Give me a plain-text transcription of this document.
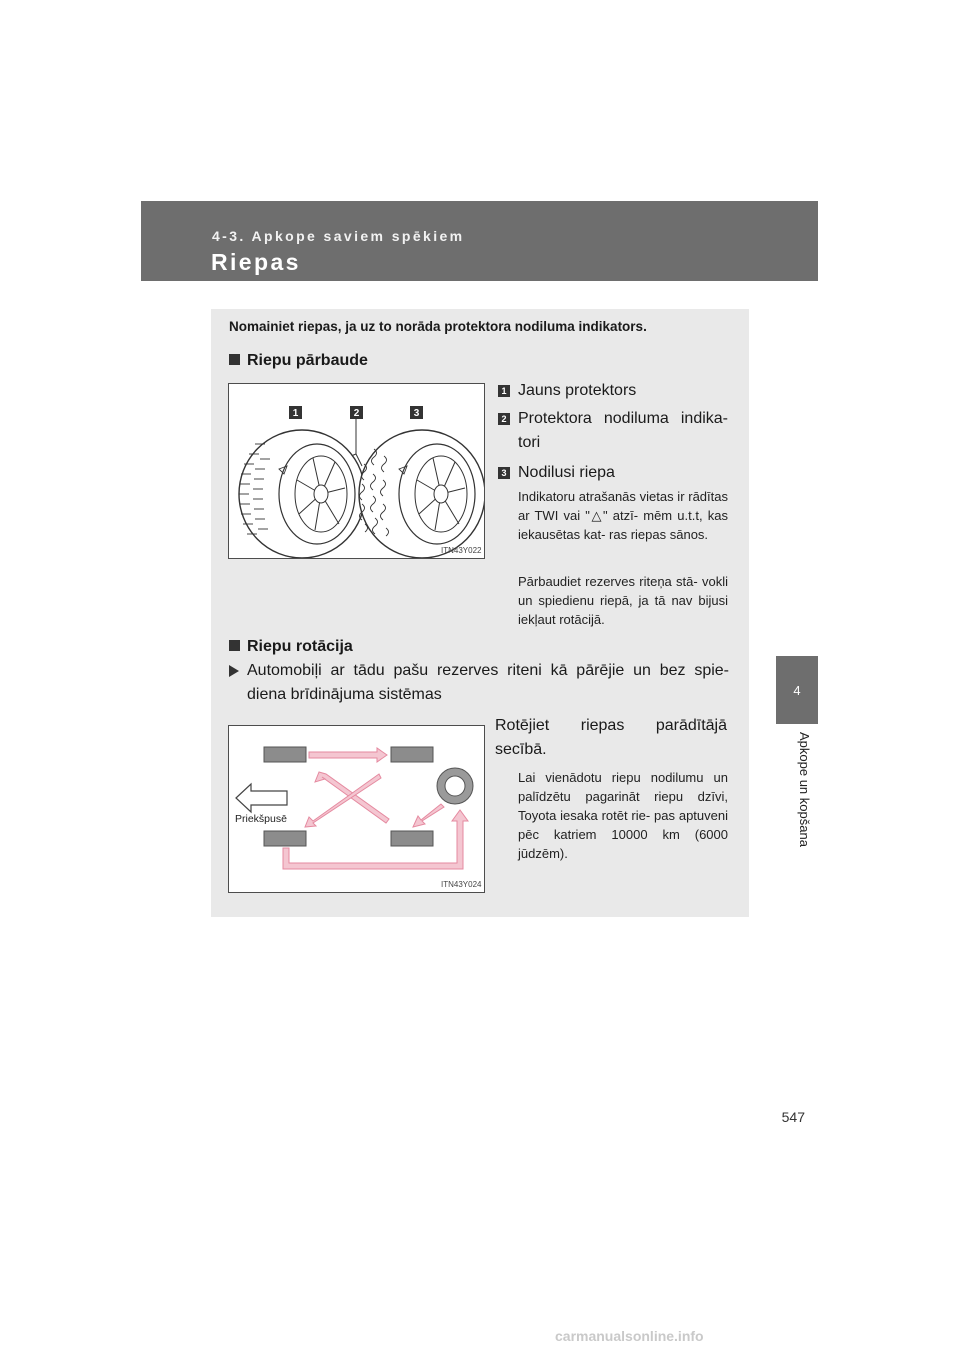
4-3. Apkope saviem spēkiem
Riepas
4
Apkope un kopšana
Nomainiet riepas, ja uz to norāda protektora nodiluma indikators.
Riepu pārbaude
1	2	3
ITN43Y022
1 Jauns protektors
2 Protektora nodiluma indika- tori
3 Nodilusi riepa
Indikatoru atrašanās vietas ir rādītas ar TWI vai "△" atzī- mēm u.t.t, kas iekausētas kat- ras riepas sānos.
Pārbaudiet rezerves riteņa stā- vokli un spiedienu riepā, ja tā nav bijusi iekļaut rotācijā.
Riepu rotācija
Automobiļi ar tādu pašu rezerves riteni kā pārējie un bez spie- diena brīdinājuma sistēmas
Rotējiet riepas parādītājā secībā.
Priekšpusē
ITN43Y024
Lai vienādotu riepu nodilumu un palīdzētu pagarināt riepu dzīvi, Toyota iesaka rotēt rie- pas aptuveni pēc katriem 10000 km (6000 jūdzēm).
547
carmanualsonline.info
